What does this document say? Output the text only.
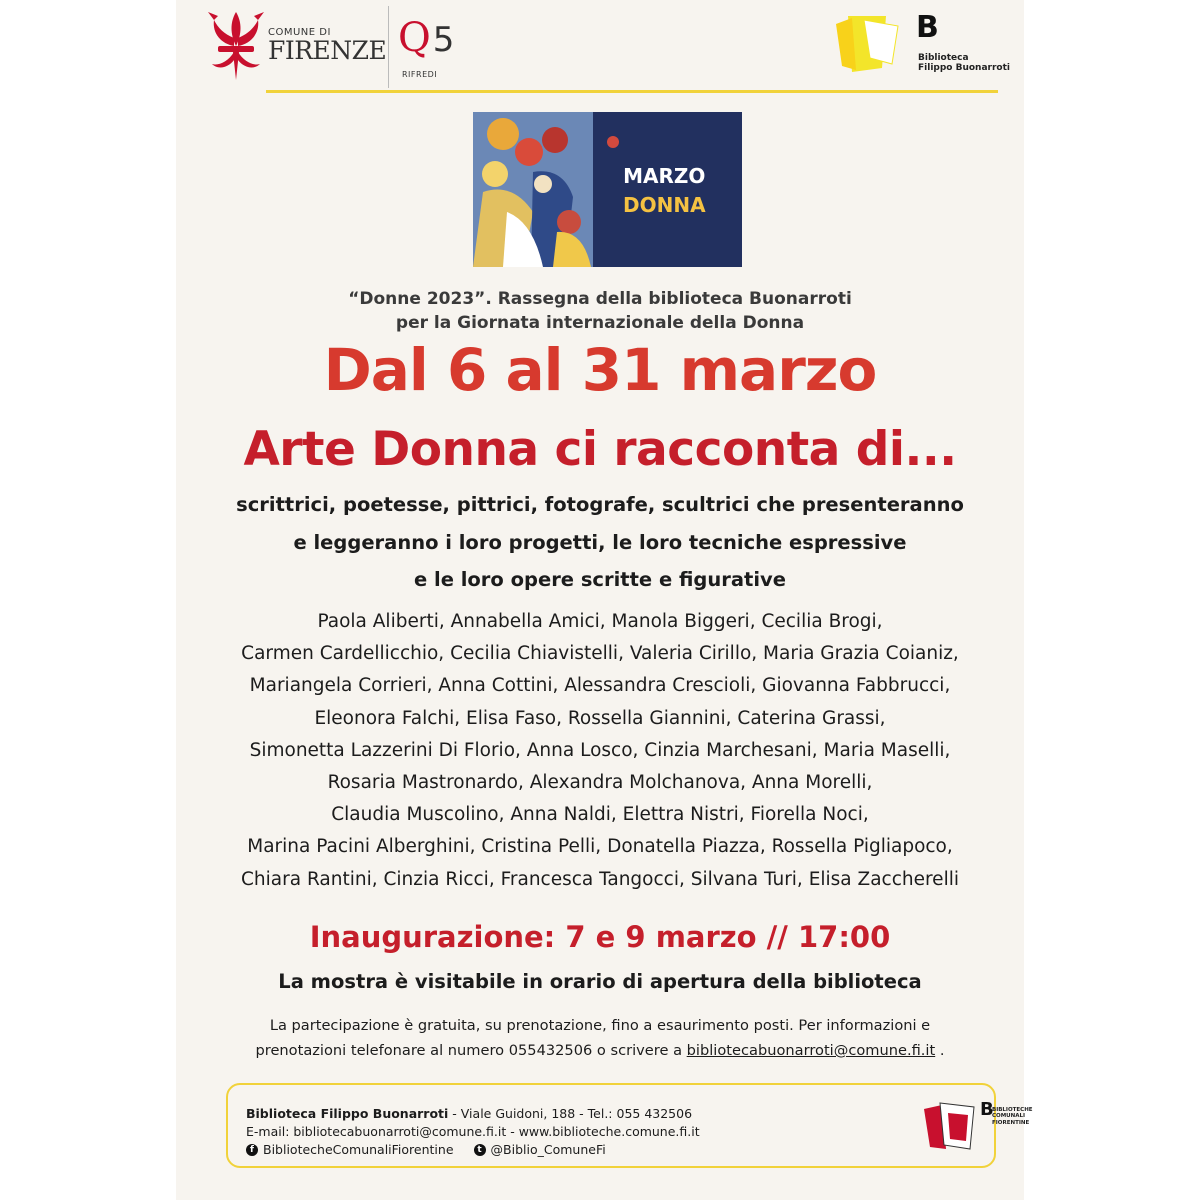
COMUNE DI
FIRENZE Q5
RIFREDI
B
Biblioteca
Filippo Buonarroti
MARZO
DONNA
“Donne 2023”. Rassegna della biblioteca Buonarroti
per la Giornata internazionale della Donna
Dal 6 al 31 marzo
Arte Donna ci racconta di...
scrittrici, poetesse, pittrici, fotografe, scultrici che presenteranno
e leggeranno i loro progetti, le loro tecniche espressive
e le loro opere scritte e figurative
Paola Aliberti, Annabella Amici, Manola Biggeri, Cecilia Brogi,
Carmen Cardellicchio, Cecilia Chiavistelli, Valeria Cirillo, Maria Grazia Coianiz,
Mariangela Corrieri, Anna Cottini, Alessandra Crescioli, Giovanna Fabbrucci,
Eleonora Falchi, Elisa Faso, Rossella Giannini, Caterina Grassi,
Simonetta Lazzerini Di Florio, Anna Losco, Cinzia Marchesani, Maria Maselli,
Rosaria Mastronardo, Alexandra Molchanova, Anna Morelli,
Claudia Muscolino, Anna Naldi, Elettra Nistri, Fiorella Noci,
Marina Pacini Alberghini, Cristina Pelli, Donatella Piazza, Rossella Pigliapoco,
Chiara Rantini, Cinzia Ricci, Francesca Tangocci, Silvana Turi, Elisa Zaccherelli
Inaugurazione: 7 e 9 marzo // 17:00
La mostra è visitabile in orario di apertura della biblioteca
La partecipazione è gratuita, su prenotazione, fino a esaurimento posti. Per informazioni e
prenotazioni telefonare al numero 055432506 o scrivere a bibliotecabuonarroti@comune.fi.it .
Biblioteca Filippo Buonarroti - Viale Guidoni, 188 - Tel.: 055 432506
E-mail: bibliotecabuonarroti@comune.fi.it - www.biblioteche.comune.fi.it
f BibliotecheComunaliFiorentine	t @Biblio_ComuneFi
B
BIBLIOTECHE
COMUNALI
FIORENTINE
